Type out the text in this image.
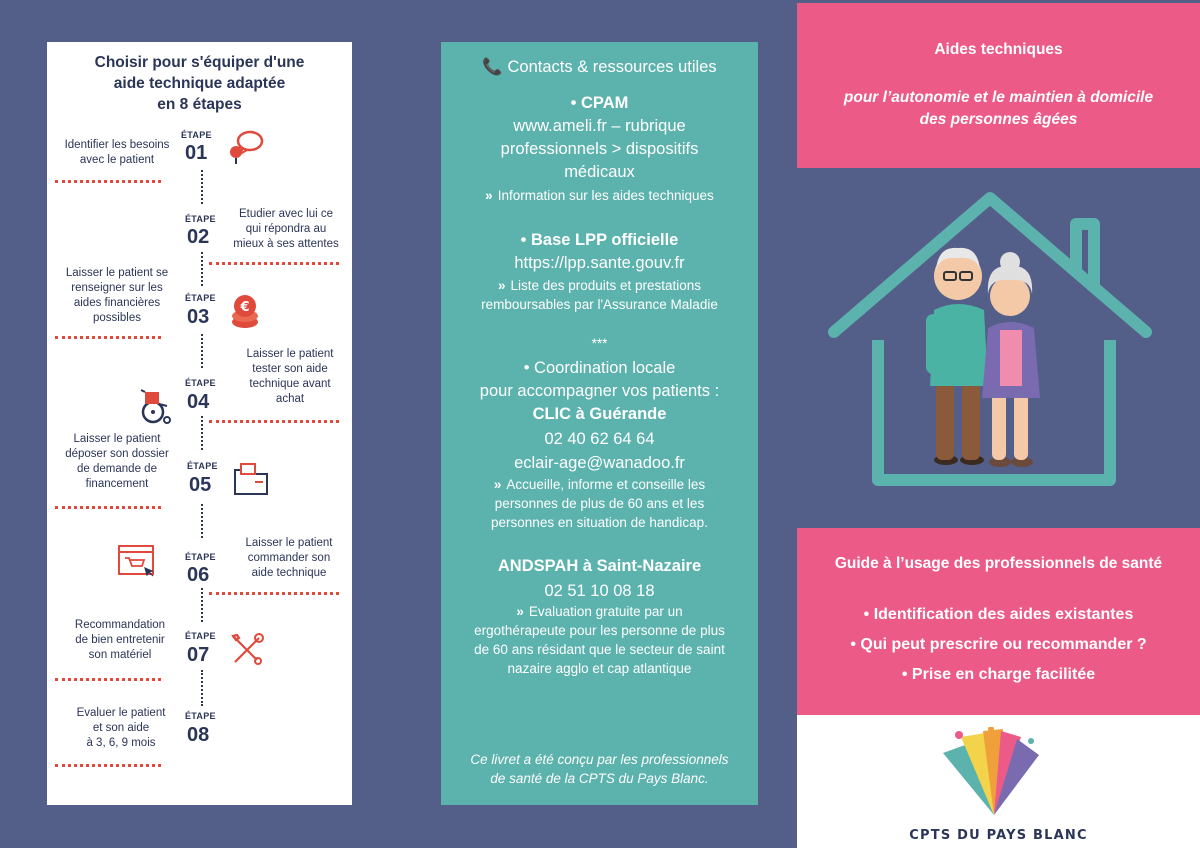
Choisir pour s'équiper d'une
aide technique adaptée
en 8 étapes
Identifier les besoins
avec le patient
ÉTAPE
01
ÉTAPE
02
Etudier avec lui ce
qui répondra au
mieux à ses attentes
Laisser le patient se
renseigner sur les
aides financières
possibles
ÉTAPE
03 €
ÉTAPE
04
Laisser le patient
tester son aide
technique avant
achat
Laisser le patient
déposer son dossier
de demande de
financement
ÉTAPE
05
ÉTAPE
06
Laisser le patient
commander son
aide technique
Recommandation
de bien entretenir
son matériel
ÉTAPE
07
Evaluer le patient
et son aide
à 3, 6, 9 mois
ÉTAPE
08
📞 Contacts & ressources utiles
• CPAM
www.ameli.fr – rubrique
professionnels > dispositifs
médicaux
» Information sur les aides techniques
• Base LPP officielle
https://lpp.sante.gouv.fr
» Liste des produits et prestations
remboursables par l'Assurance Maladie
***
• Coordination locale
pour accompagner vos patients :
CLIC à Guérande
02 40 62 64 64
eclair-age@wanadoo.fr
» Accueille, informe et conseille les
personnes de plus de 60 ans et les
personnes en situation de handicap.
ANDSPAH à Saint-Nazaire
02 51 10 08 18
» Evaluation gratuite par un
ergothérapeute pour les personne de plus
de 60 ans résidant que le secteur de saint
nazaire agglo et cap atlantique
Ce livret a été conçu par les professionnels
de santé de la CPTS du Pays Blanc.
Aides techniques
pour l’autonomie et le maintien à domicile
des personnes âgées
Guide à l’usage des professionnels de santé
• Identification des aides existantes
• Qui peut prescrire ou recommander ?
• Prise en charge facilitée
CPTS DU PAYS BLANC
